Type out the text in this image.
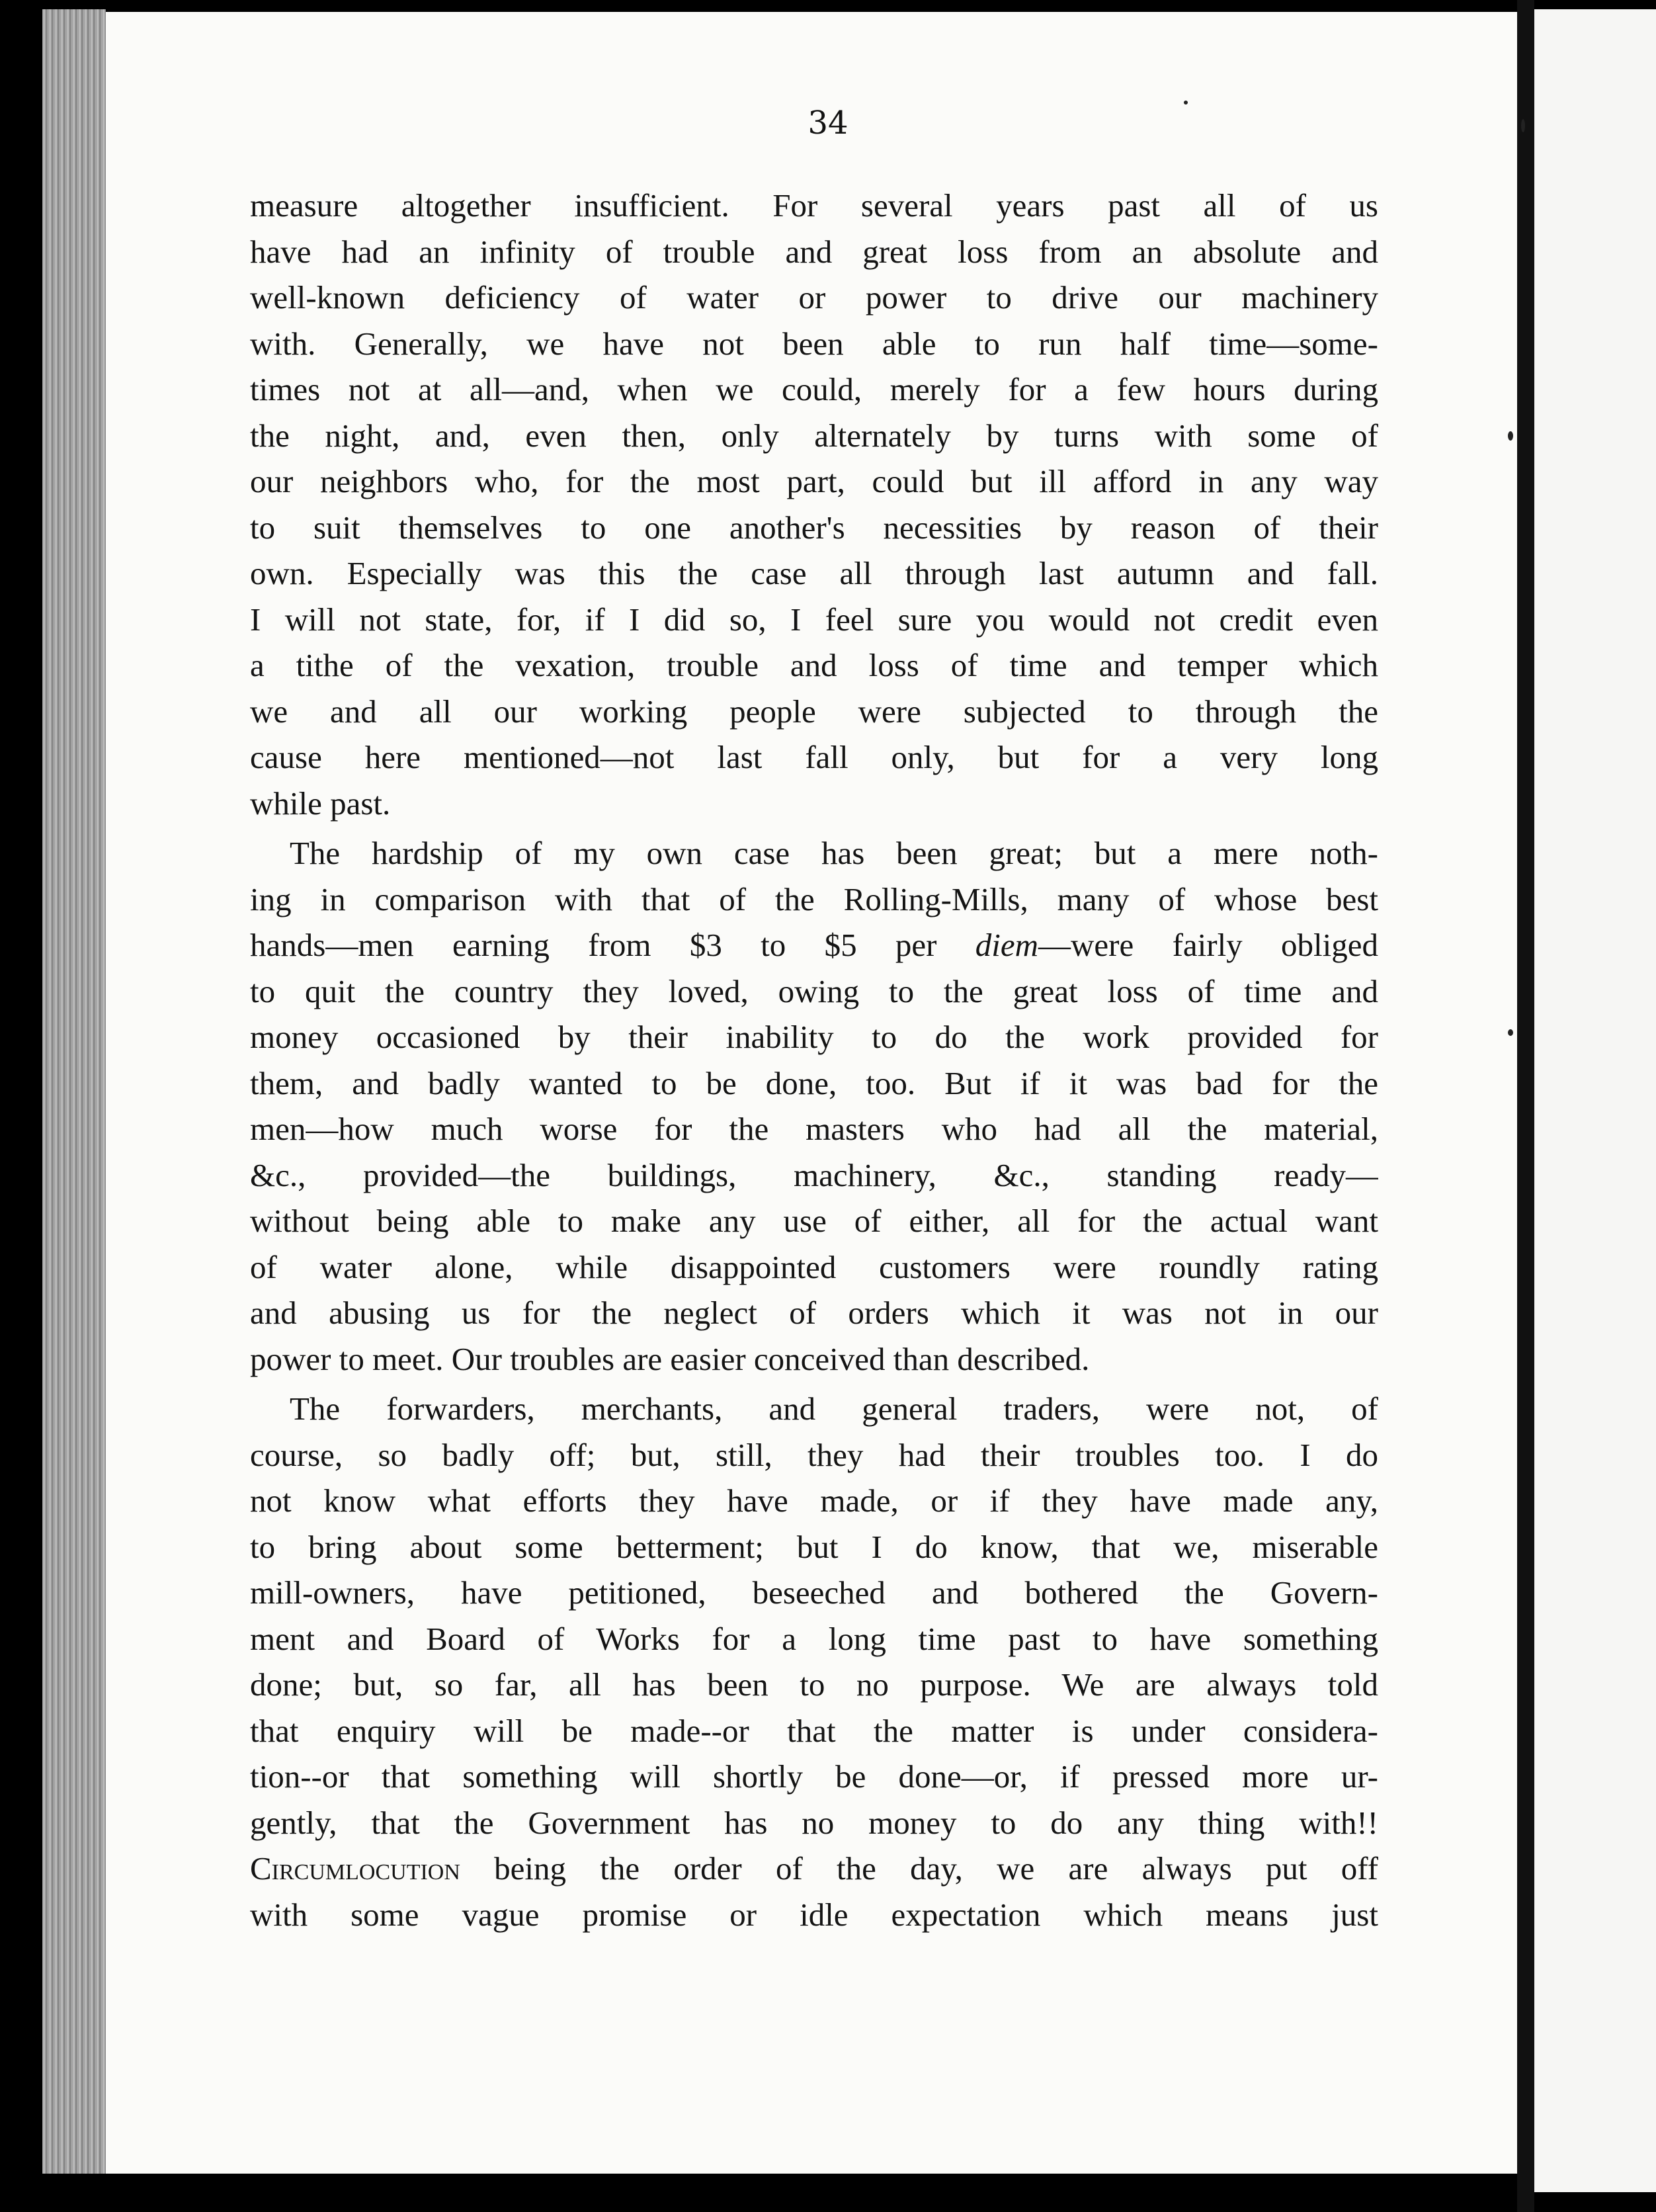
34
measure altogether insufficient. For several years past all of us
have had an infinity of trouble and great loss from an absolute and
well-known deficiency of water or power to drive our machinery
with. Generally, we have not been able to run half time—some-
times not at all—and, when we could, merely for a few hours during
the night, and, even then, only alternately by turns with some of
our neighbors who, for the most part, could but ill afford in any way
to suit themselves to one another's necessities by reason of their
own. Especially was this the case all through last autumn and fall.
I will not state, for, if I did so, I feel sure you would not credit even
a tithe of the vexation, trouble and loss of time and temper which
we and all our working people were subjected to through the
cause here mentioned—not last fall only, but for a very long
while past.
The hardship of my own case has been great; but a mere noth-
ing in comparison with that of the Rolling-Mills, many of whose best
hands—men earning from $3 to $5 per diem—were fairly obliged
to quit the country they loved, owing to the great loss of time and
money occasioned by their inability to do the work provided for
them, and badly wanted to be done, too. But if it was bad for the
men—how much worse for the masters who had all the material,
&c., provided—the buildings, machinery, &c., standing ready—
without being able to make any use of either, all for the actual want
of water alone, while disappointed customers were roundly rating
and abusing us for the neglect of orders which it was not in our
power to meet. Our troubles are easier conceived than described.
The forwarders, merchants, and general traders, were not, of
course, so badly off; but, still, they had their troubles too. I do
not know what efforts they have made, or if they have made any,
to bring about some betterment; but I do know, that we, miserable
mill-owners, have petitioned, beseeched and bothered the Govern-
ment and Board of Works for a long time past to have something
done; but, so far, all has been to no purpose. We are always told
that enquiry will be made--or that the matter is under considera-
tion--or that something will shortly be done—or, if pressed more ur-
gently, that the Government has no money to do any thing with!!
Circumlocution being the order of the day, we are always put off
with some vague promise or idle expectation which means just
